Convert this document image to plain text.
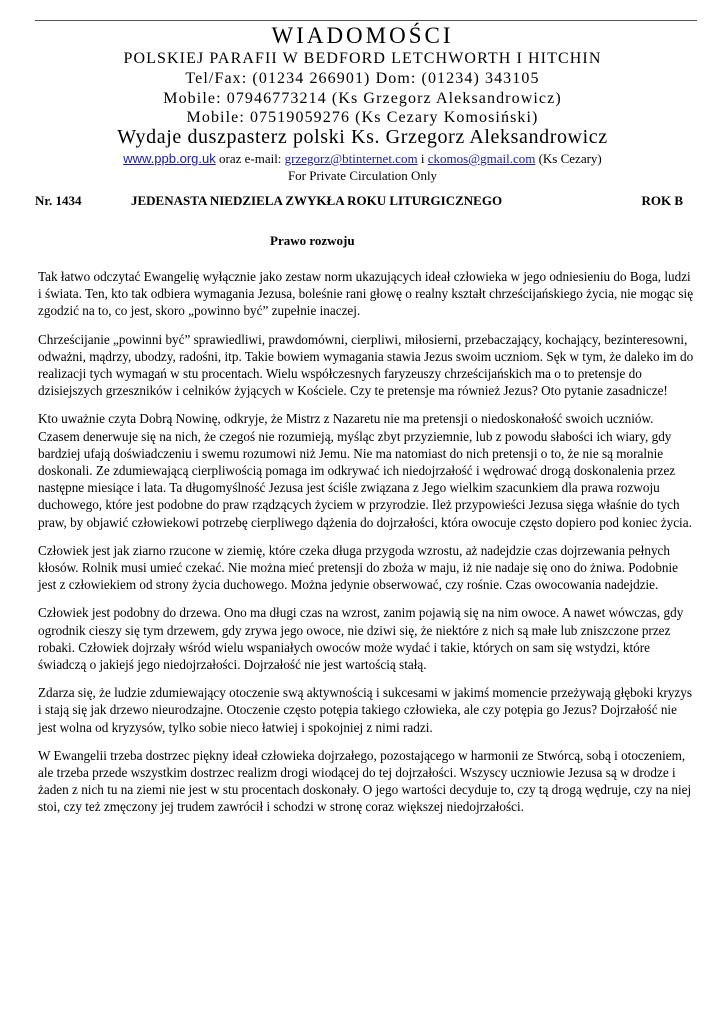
WIADOMOŚCI
POLSKIEJ PARAFII W BEDFORD LETCHWORTH I HITCHIN
Tel/Fax: (01234 266901) Dom: (01234) 343105
Mobile: 07946773214 (Ks Grzegorz Aleksandrowicz)
Mobile: 07519059276 (Ks Cezary Komosiński)
Wydaje duszpasterz polski Ks. Grzegorz Aleksandrowicz
www.ppb.org.uk oraz e-mail: grzegorz@btinternet.com i ckomos@gmail.com (Ks Cezary)
For Private Circulation Only
Nr. 1434	JEDENASTA NIEDZIELA ZWYKŁA ROKU LITURGICZNEGO	ROK B
Prawo rozwoju

Tak łatwo odczytać Ewangelię wyłącznie jako zestaw norm ukazujących ideał człowieka w jego odniesieniu do Boga, ludzi i świata. Ten, kto tak odbiera wymagania Jezusa, boleśnie rani głowę o realny kształt chrześcijańskiego życia, nie mogąc się zgodzić na to, co jest, skoro „powinno być” zupełnie inaczej.

Chrześcijanie „powinni być” sprawiedliwi, prawdomówni, cierpliwi, miłosierni, przebaczający, kochający, bezinteresowni, odważni, mądrzy, ubodzy, radośni, itp. Takie bowiem wymagania stawia Jezus swoim uczniom. Sęk w tym, że daleko im do realizacji tych wymagań w stu procentach. Wielu współczesnych faryzeuszy chrześcijańskich ma o to pretensje do dzisiejszych grzeszników i celników żyjących w Kościele. Czy te pretensje ma również Jezus? Oto pytanie zasadnicze!

Kto uważnie czyta Dobrą Nowinę, odkryje, że Mistrz z Nazaretu nie ma pretensji o niedoskonałość swoich uczniów. Czasem denerwuje się na nich, że czegoś nie rozumieją, myśląc zbyt przyziemnie, lub z powodu słabości ich wiary, gdy bardziej ufają doświadczeniu i swemu rozumowi niż Jemu. Nie ma natomiast do nich pretensji o to, że nie są moralnie doskonali. Ze zdumiewającą cierpliwością pomaga im odkrywać ich niedojrzałość i wędrować drogą doskonalenia przez następne miesiące i lata. Ta długomyślność Jezusa jest ściśle związana z Jego wielkim szacunkiem dla prawa rozwoju duchowego, które jest podobne do praw rządzących życiem w przyrodzie. Ileż przypowieści Jezusa sięga właśnie do tych praw, by objawić człowiekowi potrzebę cierpliwego dążenia do dojrzałości, która owocuje często dopiero pod koniec życia.

Człowiek jest jak ziarno rzucone w ziemię, które czeka długa przygoda wzrostu, aż nadejdzie czas dojrzewania pełnych kłosów. Rolnik musi umieć czekać. Nie można mieć pretensji do zboża w maju, iż nie nadaje się ono do żniwa. Podobnie jest z człowiekiem od strony życia duchowego. Można jedynie obserwować, czy rośnie. Czas owocowania nadejdzie.

Człowiek jest podobny do drzewa. Ono ma długi czas na wzrost, zanim pojawią się na nim owoce. A nawet wówczas, gdy ogrodnik cieszy się tym drzewem, gdy zrywa jego owoce, nie dziwi się, że niektóre z nich są małe lub zniszczone przez robaki. Człowiek dojrzały wśród wielu wspaniałych owoców może wydać i takie, których on sam się wstydzi, które świadczą o jakiejś jego niedojrzałości. Dojrzałość nie jest wartością stałą.

Zdarza się, że ludzie zdumiewający otoczenie swą aktywnością i sukcesami w jakimś momencie przeżywają głęboki kryzys i stają się jak drzewo nieurodzajne. Otoczenie często potępia takiego człowieka, ale czy potępia go Jezus? Dojrzałość nie jest wolna od kryzysów, tylko sobie nieco łatwiej i spokojniej z nimi radzi.

W Ewangelii trzeba dostrzec piękny ideał człowieka dojrzałego, pozostającego w harmonii ze Stwórcą, sobą i otoczeniem, ale trzeba przede wszystkim dostrzec realizm drogi wiodącej do tej dojrzałości. Wszyscy uczniowie Jezusa są w drodze i żaden z nich tu na ziemi nie jest w stu procentach doskonały. O jego wartości decyduje to, czy tą drogą wędruje, czy na niej stoi, czy też zmęczony jej trudem zawrócił i schodzi w stronę coraz większej niedojrzałości.
